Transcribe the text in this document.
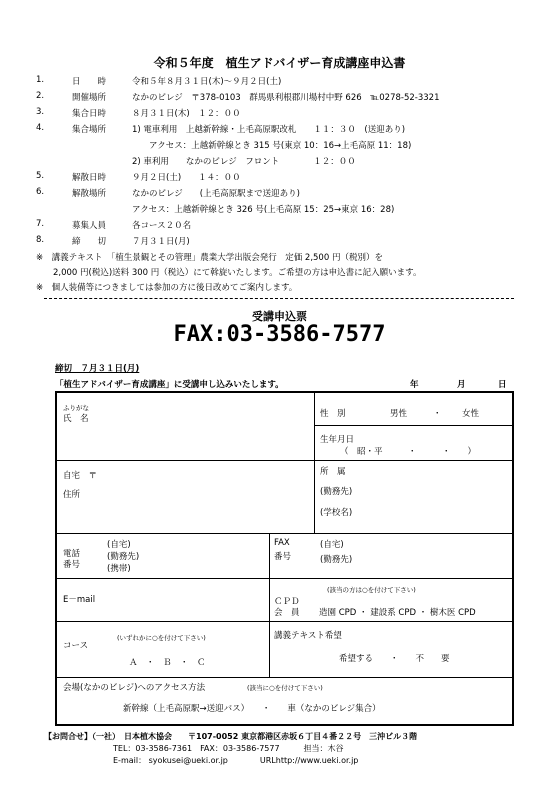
令和５年度　植生アドバイザー育成講座申込書
1.	日　　時	令和５年８月３１日(木)～９月２日(土)
2.	開催場所	なかのビレジ　〒378-0103　群馬県利根郡川場村中野 626　℡0278-52-3321
3.	集合日時	８月３１日(木)　１２：００
4.	集合場所	1) 電車利用　上越新幹線・上毛高原駅改札　　１１：３０　(送迎あり)
　　アクセス：上越新幹線とき 315 号(東京 10：16→上毛高原 11：18)
2) 車利用　　なかのビレジ　フロント　　　　１２：００
5.	解散日時	９月２日(土)　　１４：００
6.	解散場所	なかのビレジ　　(上毛高原駅まで送迎あり)
アクセス：上越新幹線とき 326 号(上毛高原 15：25→東京 16：28)
7.	募集人員	各コース２０名
8.	締　　切	７月３１日(月)
※　講義テキスト　「植生景観とその管理」農業大学出版会発行　定価 2,500 円（税別）を
　　2,000 円(税込)送料 300 円（税込）にて斡旋いたします。ご希望の方は申込書に記入願います。
※　個人装備等につきましては参加の方に後日改めてご案内します。
受講申込票
FAX:03-3586-7577
締切　７月３１日(月)
「植生アドバイザー育成講座」に受講申し込みいたします。	年	月	日
ふりがな
氏　名	性　別	男性	・ 女性
生年月日
（　昭・平　　　・　　　・　　）
自宅　〒
住所
所　属
(勤務先)
(学校名)
電話
番号
(自宅)
(勤務先)
(携帯)
FAX
番号
(自宅)
(勤務先)
E－mail
(該当の方は○を付けて下さい)
ＣＰＤ
会　員 造園 CPD ・ 建設系 CPD ・ 樹木医 CPD
コース
(いずれかに○を付けて下さい)
Ａ　・　Ｂ　・　Ｃ
講義テキスト希望
希望する　　・　　不　　要
会場(なかのビレジ)へのアクセス方法	(該当に○を付けて下さい)
新幹線（上毛高原駅→送迎バス）　　・　　車（なかのビレジ集合）
【お問合せ】（一社）　日本植木協会　　〒107-0052 東京都港区赤坂６丁目４番２２号　三沖ビル３階
TEL：03-3586-7361　FAX：03-3586-7577　　　担当：木谷
E-mail： syokusei@ueki.or.jp　　　　URLhttp://www.ueki.or.jp
